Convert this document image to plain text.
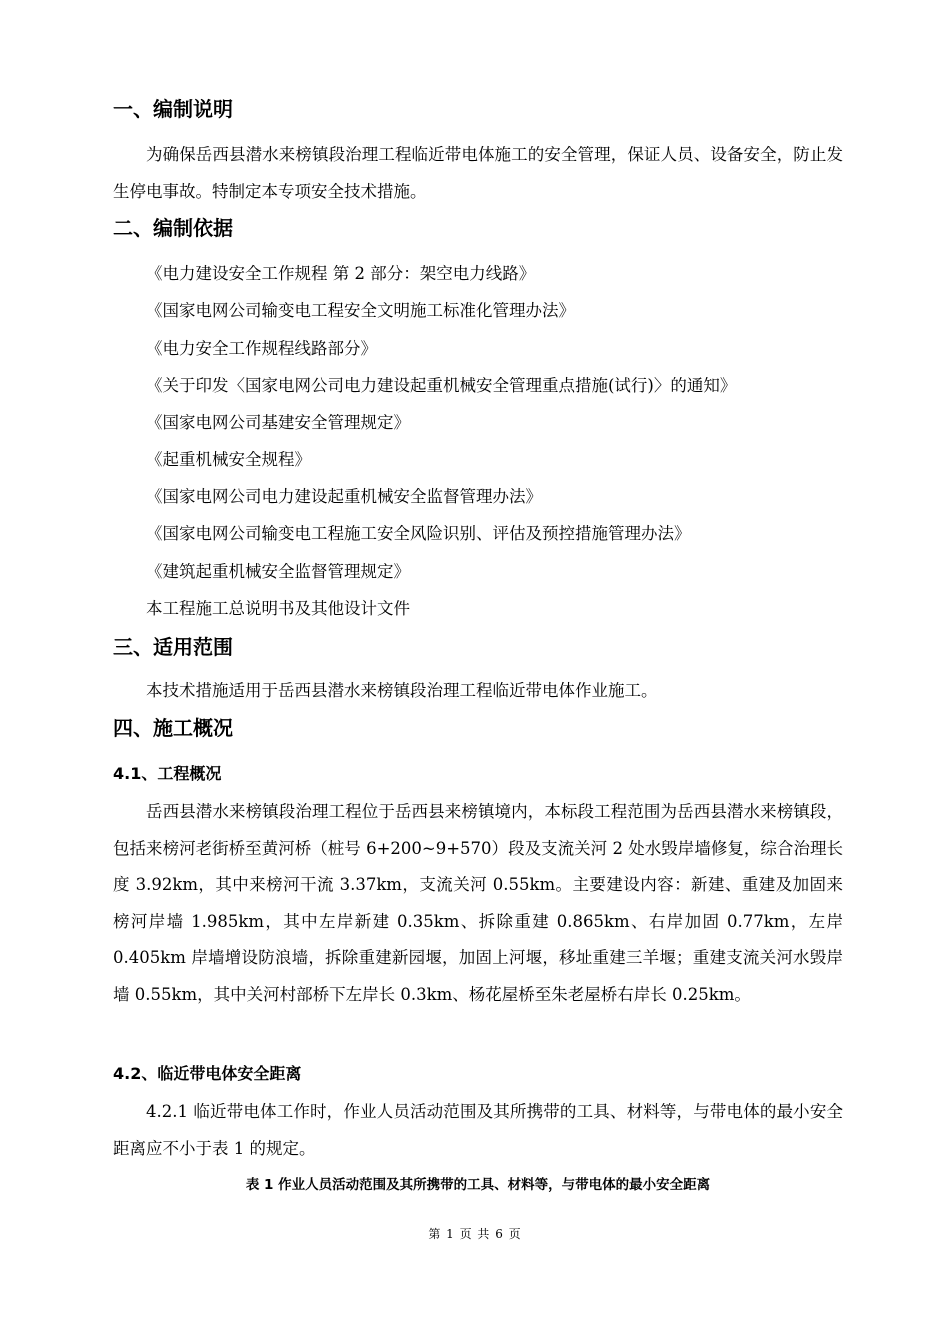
一、编制说明

为确保岳西县潜水来榜镇段治理工程临近带电体施工的安全管理，保证人员、设备安全，防止发生停电事故。特制定本专项安全技术措施。

二、编制依据
《电力建设安全工作规程 第 2 部分：架空电力线路》
《国家电网公司输变电工程安全文明施工标准化管理办法》
《电力安全工作规程线路部分》
《关于印发〈国家电网公司电力建设起重机械安全管理重点措施(试行)〉的通知》
《国家电网公司基建安全管理规定》
《起重机械安全规程》
《国家电网公司电力建设起重机械安全监督管理办法》
《国家电网公司输变电工程施工安全风险识别、评估及预控措施管理办法》
《建筑起重机械安全监督管理规定》
本工程施工总说明书及其他设计文件
三、适用范围

本技术措施适用于岳西县潜水来榜镇段治理工程临近带电体作业施工。

四、施工概况
4.1、工程概况

岳西县潜水来榜镇段治理工程位于岳西县来榜镇境内，本标段工程范围为岳西县潜水来榜镇段，包括来榜河老街桥至黄河桥（桩号 6+200~9+570）段及支流关河 2 处水毁岸墙修复，综合治理长度 3.92km，其中来榜河干流 3.37km，支流关河 0.55km。主要建设内容：新建、重建及加固来榜河岸墙 1.985km，其中左岸新建 0.35km、拆除重建 0.865km、右岸加固 0.77km，左岸 0.405km 岸墙增设防浪墙，拆除重建新园堰，加固上河堰，移址重建三羊堰；重建支流关河水毁岸墙 0.55km，其中关河村部桥下左岸长 0.3km、杨花屋桥至朱老屋桥右岸长 0.25km。

4.2、临近带电体安全距离

4.2.1 临近带电体工作时，作业人员活动范围及其所携带的工具、材料等，与带电体的最小安全距离应不小于表 1 的规定。

表 1 作业人员活动范围及其所携带的工具、材料等，与带电体的最小安全距离
第 1 页 共 6 页
